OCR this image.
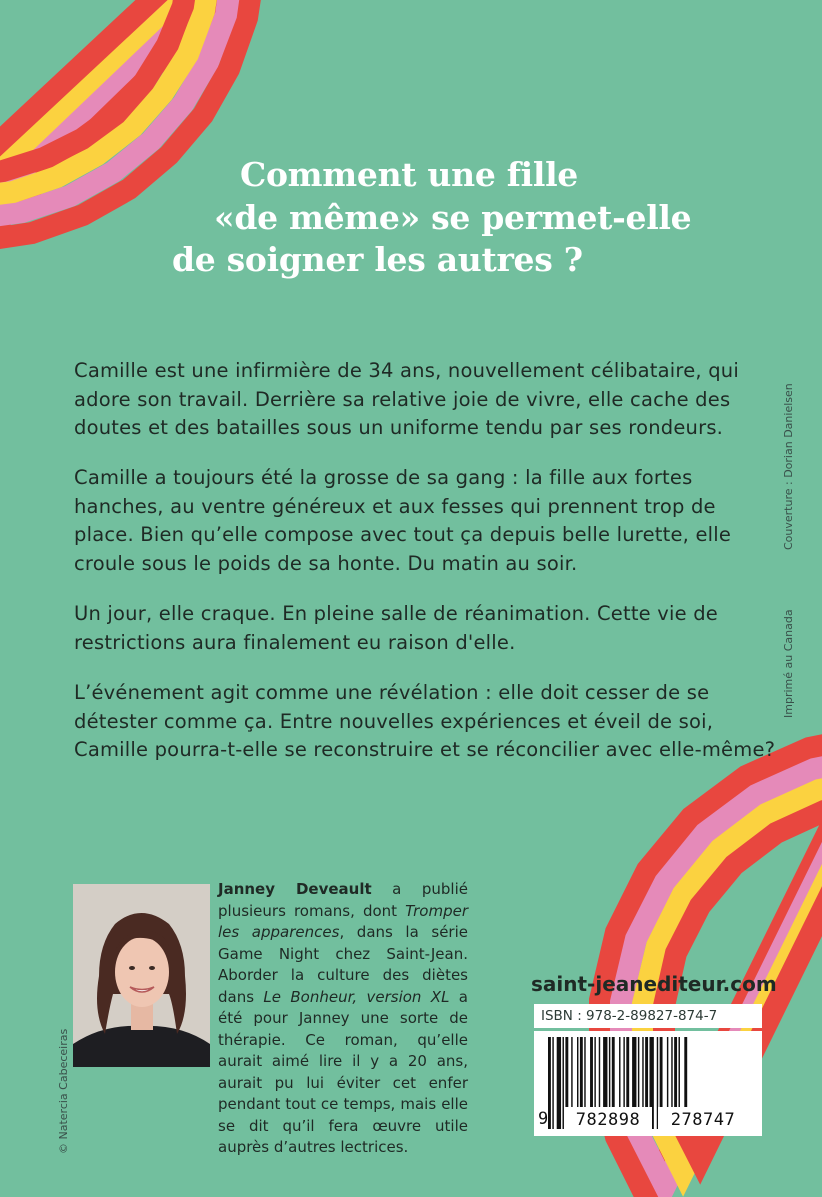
Comment une fille
«de même» se permet-elle
de soigner les autres ?

Camille est une infirmière de 34 ans, nouvellement célibataire, qui adore son travail. Derrière sa relative joie de vivre, elle cache des doutes et des batailles sous un uniforme tendu par ses rondeurs.

Camille a toujours été la grosse de sa gang : la fille aux fortes hanches, au ventre généreux et aux fesses qui prennent trop de place. Bien qu’elle compose avec tout ça depuis belle lurette, elle croule sous le poids de sa honte. Du matin au soir.

Un jour, elle craque. En pleine salle de réanimation. Cette vie de restrictions aura finalement eu raison d'elle.

L’événement agit comme une révélation : elle doit cesser de se détester comme ça. Entre nouvelles expériences et éveil de soi, Camille pourra-t-elle se reconstruire et se réconcilier avec elle-même?

Couverture : Dorian Danielsen
Imprimé au Canada
© Natercia Cabeceiras

Janney Deveault a publié plusieurs romans, dont Tromper les apparences, dans la série Game Night chez Saint-Jean. Aborder la culture des diètes dans Le Bonheur, version XL a été pour Janney une sorte de thérapie. Ce roman, qu’elle aurait aimé lire il y a 20 ans, aurait pu lui éviter cet enfer pendant tout ce temps, mais elle se dit qu’il fera œuvre utile auprès d’autres lectrices.

saint-jeanediteur.com
ISBN : 978-2-89827-874-7
9	782898	278747
